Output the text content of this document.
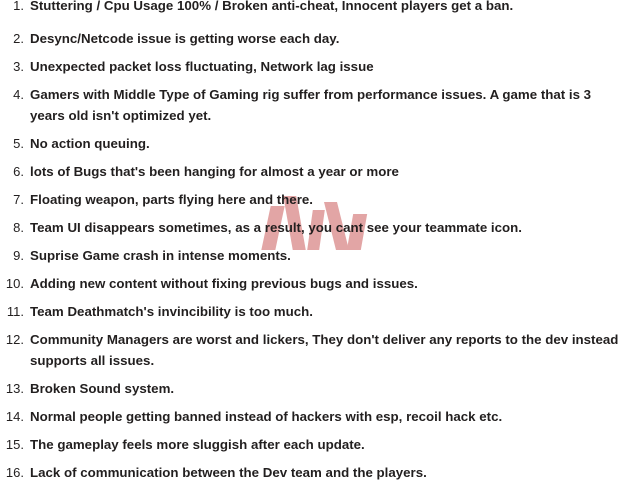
1. Stuttering / Cpu Usage 100% / Broken anti-cheat, Innocent players get a ban.
2. Desync/Netcode issue is getting worse each day.
3. Unexpected packet loss fluctuating, Network lag issue
4. Gamers with Middle Type of Gaming rig suffer from performance issues. A game that is 3 years old isn't optimized yet.
5. No action queuing.
6. lots of Bugs that's been hanging for almost a year or more
7. Floating weapon, parts flying here and there.
8. Team UI disappears sometimes, as a result, you cant see your teammate icon.
9. Suprise Game crash in intense moments.
10. Adding new content without fixing previous bugs and issues.
11. Team Deathmatch's invincibility is too much.
12. Community Managers are worst and lickers, They don't deliver any reports to the dev instead supports all issues.
13. Broken Sound system.
14. Normal people getting banned instead of hackers with esp, recoil hack etc.
15. The gameplay feels more sluggish after each update.
16. Lack of communication between the Dev team and the players.
